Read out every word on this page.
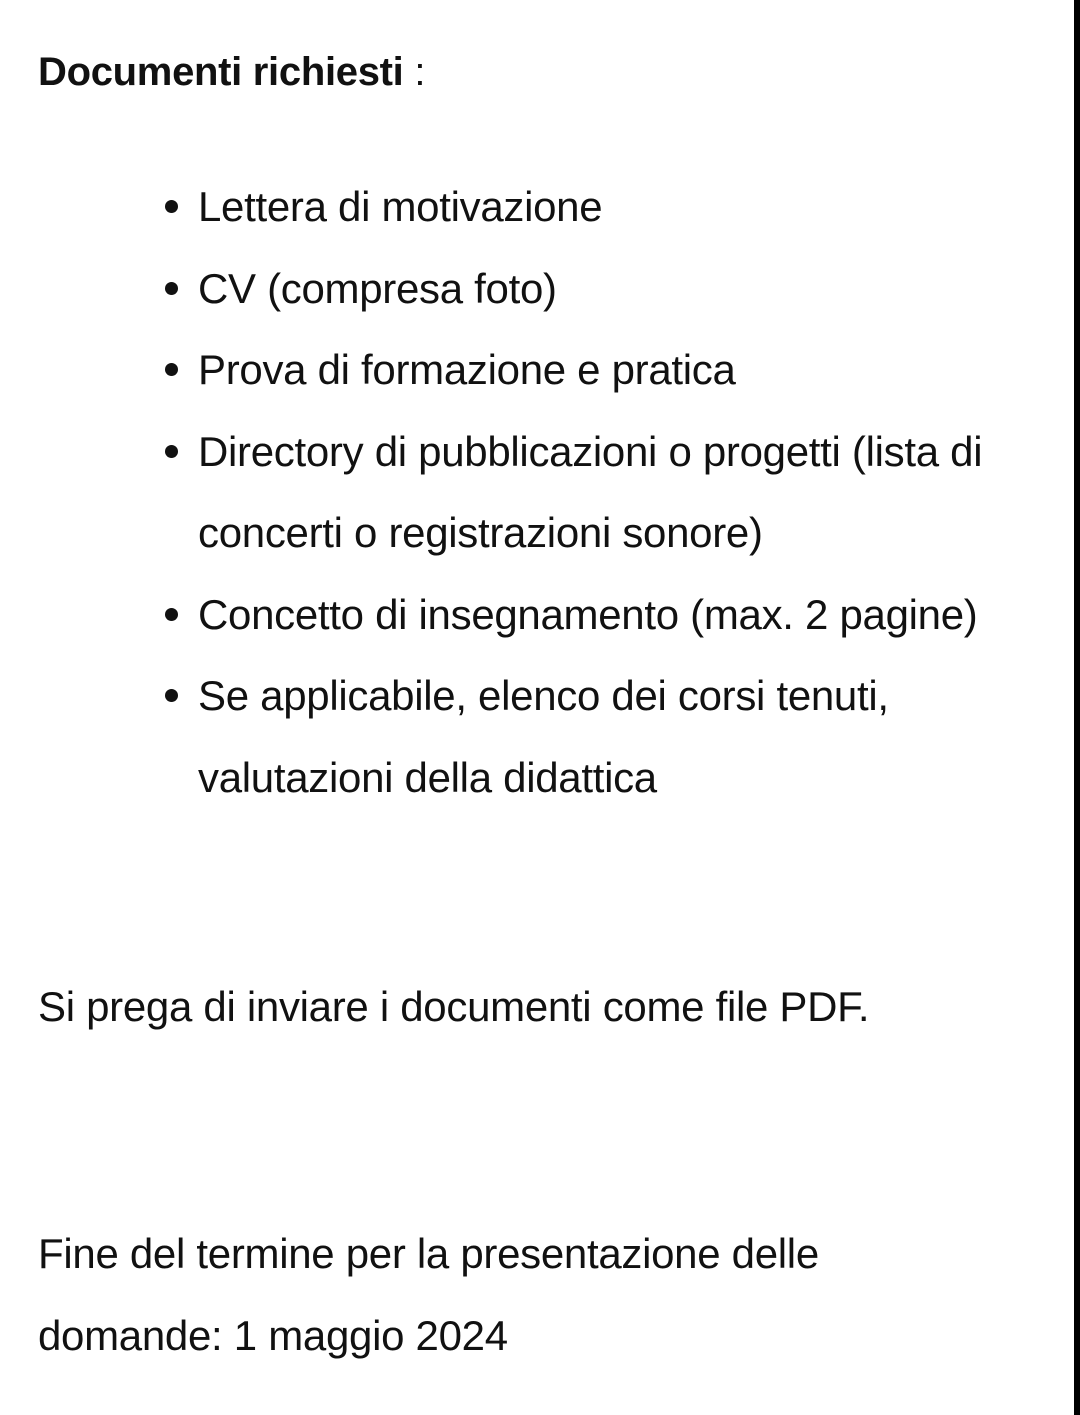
Documenti richiesti :
Lettera di motivazione
CV (compresa foto)
Prova di formazione e pratica
Directory di pubblicazioni o progetti (lista di concerti o registrazioni sonore)
Concetto di insegnamento (max. 2 pagine)
Se applicabile, elenco dei corsi tenuti, valutazioni della didattica

Si prega di inviare i documenti come file PDF.

Fine del termine per la presentazione delle domande: 1 maggio 2024
